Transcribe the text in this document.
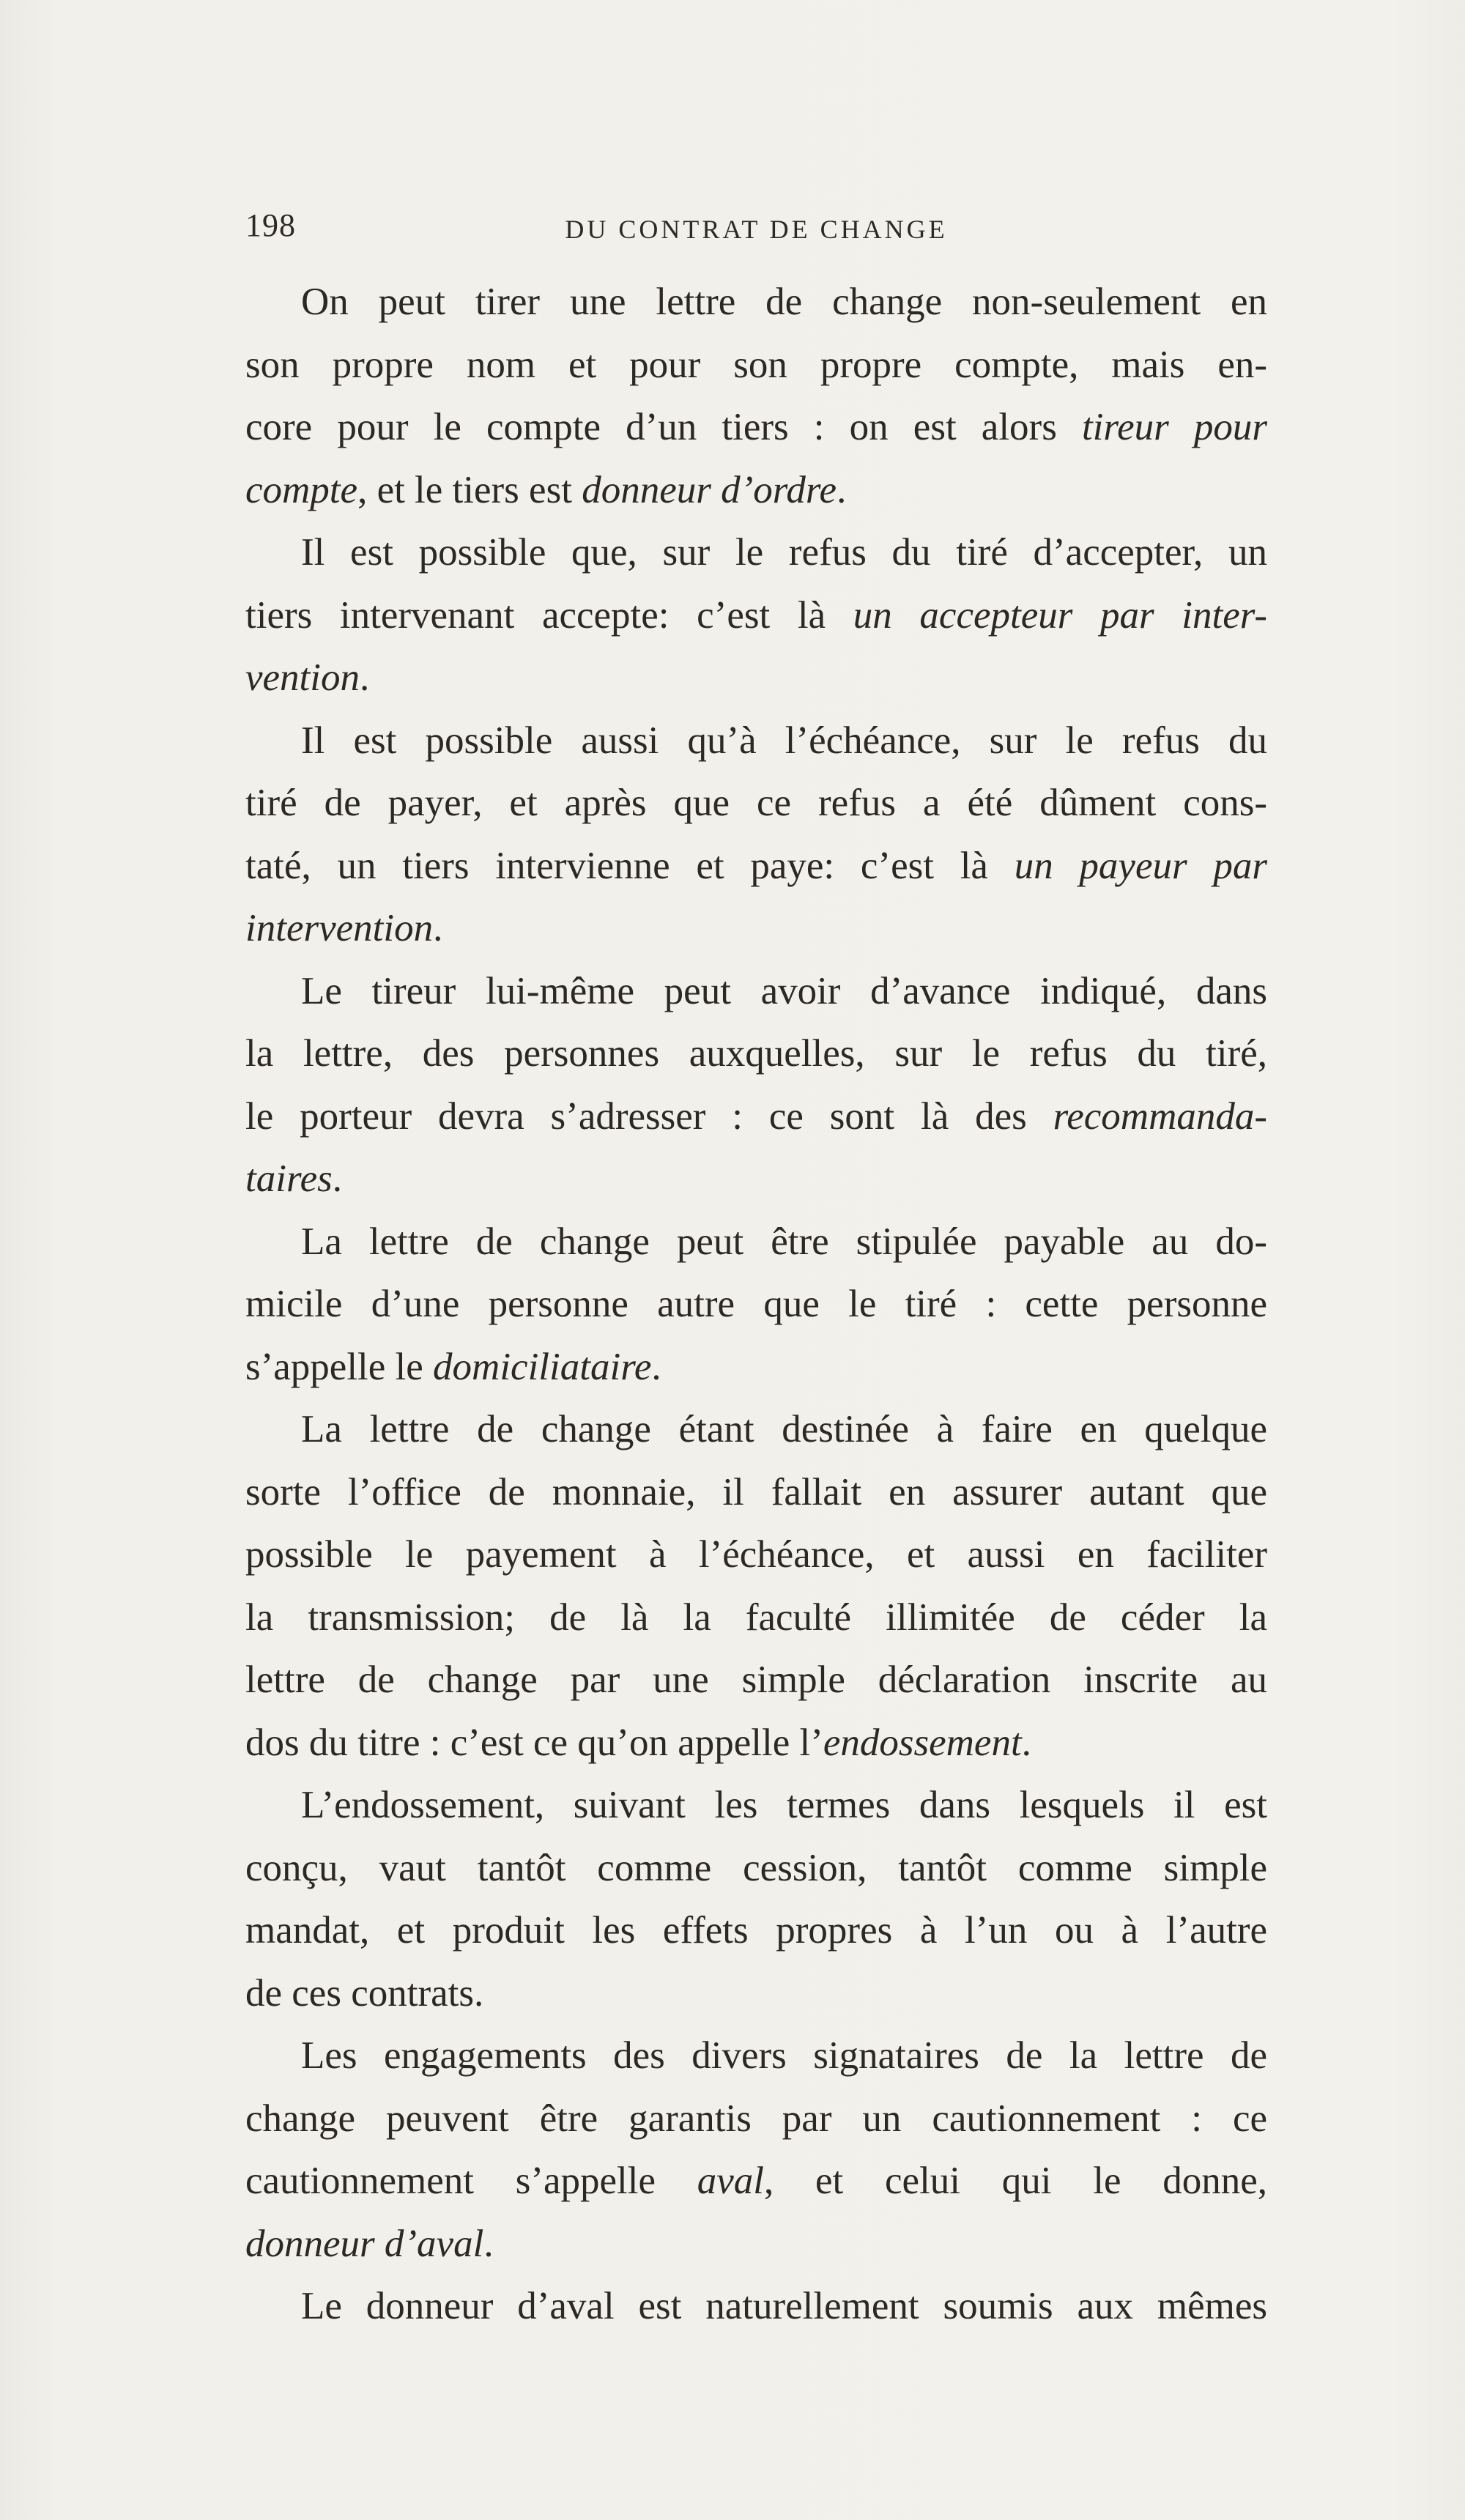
198	DU CONTRAT DE CHANGE
On peut tirer une lettre de change non-seulement en
son propre nom et pour son propre compte, mais en-
core pour le compte d’un tiers : on est alors tireur pour
compte, et le tiers est donneur d’ordre.
Il est possible que, sur le refus du tiré d’accepter, un
tiers intervenant accepte: c’est là un accepteur par inter-
vention.
Il est possible aussi qu’à l’échéance, sur le refus du
tiré de payer, et après que ce refus a été dûment cons-
taté, un tiers intervienne et paye: c’est là un payeur par
intervention.
Le tireur lui-même peut avoir d’avance indiqué, dans
la lettre, des personnes auxquelles, sur le refus du tiré,
le porteur devra s’adresser : ce sont là des recommanda-
taires.
La lettre de change peut être stipulée payable au do-
micile d’une personne autre que le tiré : cette personne
s’appelle le domiciliataire.
La lettre de change étant destinée à faire en quelque
sorte l’office de monnaie, il fallait en assurer autant que
possible le payement à l’échéance, et aussi en faciliter
la transmission; de là la faculté illimitée de céder la
lettre de change par une simple déclaration inscrite au
dos du titre : c’est ce qu’on appelle l’endossement.
L’endossement, suivant les termes dans lesquels il est
conçu, vaut tantôt comme cession, tantôt comme simple
mandat, et produit les effets propres à l’un ou à l’autre
de ces contrats.
Les engagements des divers signataires de la lettre de
change peuvent être garantis par un cautionnement : ce
cautionnement s’appelle aval, et celui qui le donne,
donneur d’aval.
Le donneur d’aval est naturellement soumis aux mêmes
